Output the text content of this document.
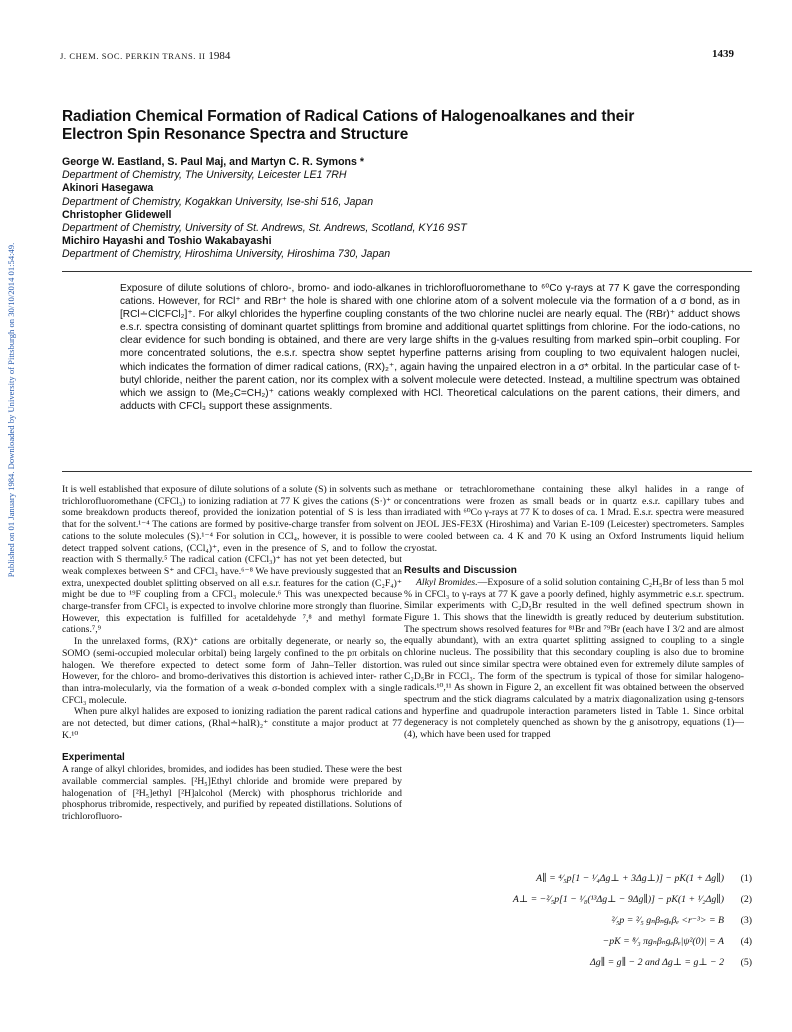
Published on 01 January 1984. Downloaded by University of Pittsburgh on 30/10/2014 01:54:49.
J. CHEM. SOC. PERKIN TRANS. II 1984	1439
Radiation Chemical Formation of Radical Cations of Halogenoalkanes and their
Electron Spin Resonance Spectra and Structure
George W. Eastland, S. Paul Maj, and Martyn C. R. Symons *
Department of Chemistry, The University, Leicester LE1 7RH
Akinori Hasegawa
Department of Chemistry, Kogakkan University, Ise-shi 516, Japan
Christopher Glidewell
Department of Chemistry, University of St. Andrews, St. Andrews, Scotland, KY16 9ST
Michiro Hayashi and Toshio Wakabayashi
Department of Chemistry, Hiroshima University, Hiroshima 730, Japan

Exposure of dilute solutions of chloro-, bromo- and iodo-alkanes in trichlorofluoromethane to ⁶⁰Co γ-rays at 77 K gave the corresponding cations. However, for RCl⁺ and RBr⁺ the hole is shared with one chlorine atom of a solvent molecule via the formation of a σ bond, as in [RCl∸ClCFCl₂]⁺. For alkyl chlorides the hyperfine coupling constants of the two chlorine nuclei are nearly equal. The (RBr)⁺ adduct shows e.s.r. spectra consisting of dominant quartet splittings from bromine and additional quartet splittings from chlorine. For the iodo-cations, no clear evidence for such bonding is obtained, and there are very large shifts in the g-values resulting from marked spin–orbit coupling. For more concentrated solutions, the e.s.r. spectra show septet hyperfine patterns arising from coupling to two equivalent halogen nuclei, which indicates the formation of dimer radical cations, (RX)₂⁺, again having the unpaired electron in a σ* orbital. In the particular case of t-butyl chloride, neither the parent cation, nor its complex with a solvent molecule were detected. Instead, a multiline spectrum was obtained which we assign to (Me₂C=CH₂)⁺ cations weakly complexed with HCl. Theoretical calculations on the parent cations, their dimers, and adducts with CFCl₃ support these assignments.

It is well established that exposure of dilute solutions of a solute (S) in solvents such as trichlorofluoromethane (CFCl₃) to ionizing radiation at 77 K gives the cations (S·)⁺ or some breakdown products thereof, provided the ionization potential of S is less than that for the solvent.¹⁻⁴ The cations are formed by positive-charge transfer from solvent cations to the solute molecules (S).¹⁻⁴ For solution in CCl₄, however, it is possible to detect trapped solvent cations, (CCl₄)⁺, even in the presence of S, and to follow the reaction with S thermally.⁵ The radical cation (CFCl₃)⁺ has not yet been detected, but weak complexes between S⁺ and CFCl₃ have.⁶⁻⁸ We have previously suggested that an extra, unexpected doublet splitting observed on all e.s.r. features for the cation (C₂F₄)⁺ might be due to ¹⁹F coupling from a CFCl₃ molecule.⁶ This was unexpected because charge-transfer from CFCl₃ is expected to involve chlorine more strongly than fluorine. However, this expectation is fulfilled for acetaldehyde ⁷,⁸ and methyl formate cations.⁷,⁹

In the unrelaxed forms, (RX)⁺ cations are orbitally degenerate, or nearly so, the SOMO (semi-occupied molecular orbital) being largely confined to the pπ orbitals on halogen. We therefore expected to detect some form of Jahn–Teller distortion. However, for the chloro- and bromo-derivatives this distortion is achieved inter- rather than intra-molecularly, via the formation of a weak σ-bonded complex with a single CFCl₃ molecule.

When pure alkyl halides are exposed to ionizing radiation the parent radical cations are not detected, but dimer cations, (Rhal∸halR)₂⁺ constitute a major product at 77 K.¹⁰

Experimental

A range of alkyl chlorides, bromides, and iodides has been studied. These were the best available commercial samples. [²H₅]Ethyl chloride and bromide were prepared by halogenation of [²H₅]ethyl [²H]alcohol (Merck) with phosphorus trichloride and phosphorus tribromide, respectively, and purified by repeated distillations. Solutions of trichlorofluoro-

methane or tetrachloromethane containing these alkyl halides in a range of concentrations were frozen as small beads or in quartz e.s.r. capillary tubes and irradiated with ⁶⁰Co γ-rays at 77 K to doses of ca. 1 Mrad. E.s.r. spectra were measured on JEOL JES-FE3X (Hiroshima) and Varian E-109 (Leicester) spectrometers. Samples were cooled between ca. 4 K and 70 K using an Oxford Instruments liquid helium cryostat.

Results and Discussion

Alkyl Bromides.—Exposure of a solid solution containing C₂H₅Br of less than 5 mol % in CFCl₃ to γ-rays at 77 K gave a poorly defined, highly asymmetric e.s.r. spectrum. Similar experiments with C₂D₅Br resulted in the well defined spectrum shown in Figure 1. This shows that the linewidth is greatly reduced by deuterium substitution. The spectrum shows resolved features for ⁸¹Br and ⁷⁹Br (each have I 3/2 and are almost equally abundant), with an extra quartet splitting assigned to coupling to a single chlorine nucleus. The possibility that this secondary coupling is also due to bromine was ruled out since similar spectra were obtained even for extremely dilute samples of C₂D₅Br in FCCl₃. The form of the spectrum is typical of those for similar halogeno-radicals.¹⁰,¹¹ As shown in Figure 2, an excellent fit was obtained between the observed spectrum and the stick diagrams calculated by a matrix diagonalization using g-tensors and hyperfine and quadrupole interaction parameters listed in Table 1. Since orbital degeneracy is not completely quenched as shown by the g anisotropy, equations (1)—(4), which have been used for trapped

A∥ = ⁴⁄₅p[1 − ¹⁄₄Δg⊥ + 3Δg⊥)] − pK(1 + Δg∥) (1)
A⊥ = −²⁄₅p[1 − ¹⁄₈(¹³Δg⊥ − 9Δg∥)] − pK(1 + ¹⁄₂Δg∥) (2)
²⁄₅p = ²⁄₅ gₙβₙgₑβₑ <r⁻³> = B (3)
−pK = ⁸⁄₃ πgₙβₙgₑβₑ|ψ²(0)| = A (4)
Δg∥ = g∥ − 2 and Δg⊥ = g⊥ − 2 (5)
